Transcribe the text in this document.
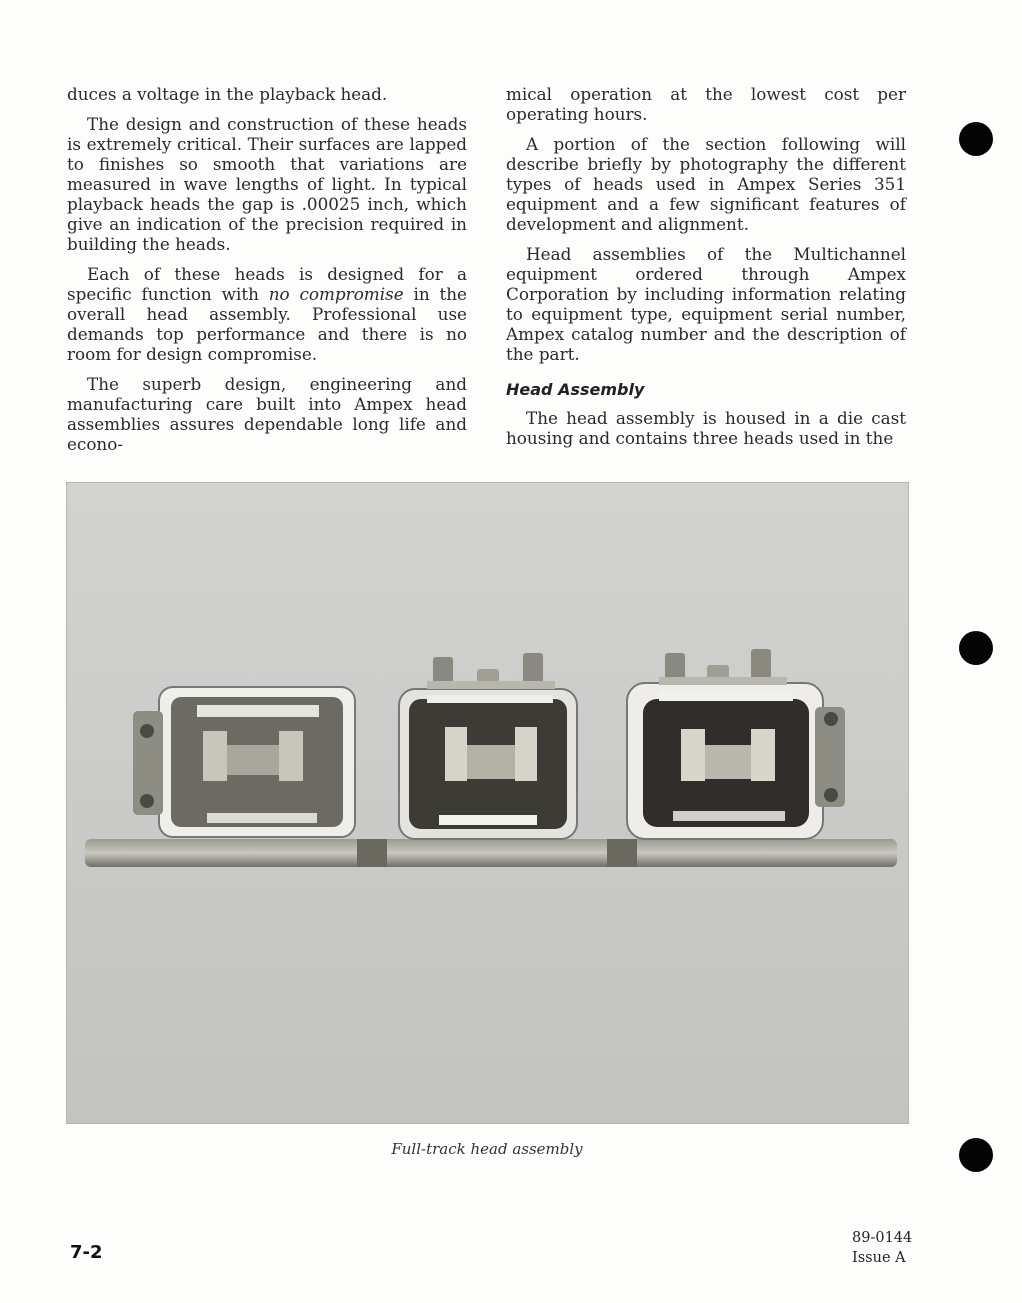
duces a voltage in the playback head.

The design and construction of these heads is extremely critical. Their surfaces are lapped to finishes so smooth that variations are measured in wave lengths of light. In typical playback heads the gap is .00025 inch, which give an indication of the precision required in building the heads.

Each of these heads is designed for a specific function with no compromise in the overall head assembly. Professional use demands top performance and there is no room for design compromise.

The superb design, engineering and manufacturing care built into Ampex head assemblies assures dependable long life and econo-

mical operation at the lowest cost per operating hours.

A portion of the section following will describe briefly by photography the different types of heads used in Ampex Series 351 equipment and a few significant features of development and alignment.

Head assemblies of the Multichannel equipment ordered through Ampex Corporation by including information relating to equipment type, equipment serial number, Ampex catalog number and the description of the part.

Head Assembly

The head assembly is housed in a die cast housing and contains three heads used in the

Full-track head assembly
7-2
89-0144
Issue A
